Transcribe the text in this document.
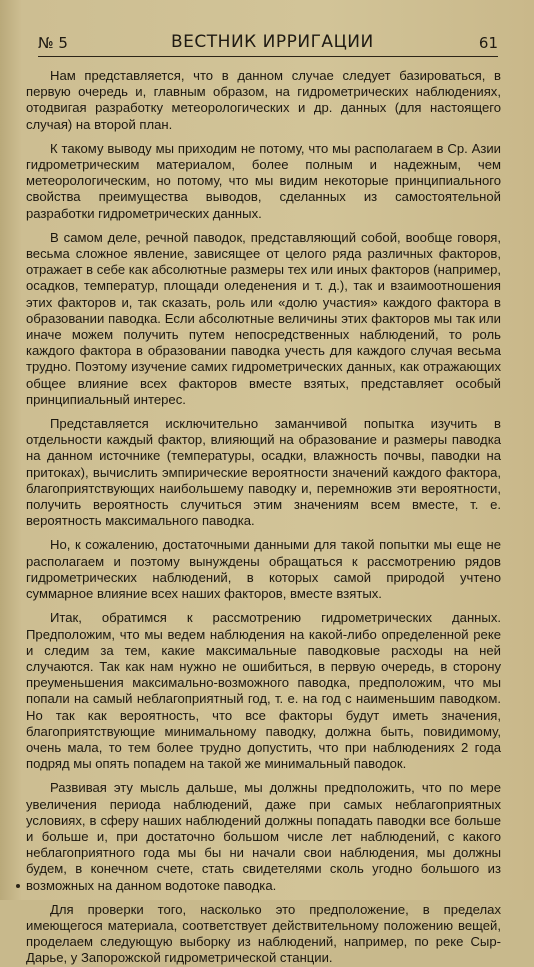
№ 5	ВЕСТНИК ИРРИГАЦИИ	61

Нам представляется, что в данном случае следует базироваться, в первую очередь и, главным образом, на гидрометрических наблюдениях, отодвигая разработку метеорологических и др. данных (для настоящего случая) на второй план.

К такому выводу мы приходим не потому, что мы располагаем в Ср. Азии гидрометрическим материалом, более полным и надежным, чем метеорологическим, но потому, что мы видим некоторые принципиального свойства преимущества выводов, сделанных из самостоятельной разработки гидрометрических данных.

В самом деле, речной паводок, представляющий собой, вообще говоря, весьма сложное явление, зависящее от целого ряда различных факторов, отражает в себе как абсолютные размеры тех или иных факторов (например, осадков, температур, площади оледенения и т. д.), так и взаимоотношения этих факторов и, так сказать, роль или «долю участия» каждого фактора в образовании паводка. Если абсолютные величины этих факторов мы так или иначе можем получить путем непосредственных наблюдений, то роль каждого фактора в образовании паводка учесть для каждого случая весьма трудно. Поэтому изучение самих гидрометрических данных, как отражающих общее влияние всех факторов вместе взятых, представляет особый принципиальный интерес.

Представляется исключительно заманчивой попытка изучить в отдельности каждый фактор, влияющий на образование и размеры паводка на данном источнике (температуры, осадки, влажность почвы, паводки на притоках), вычислить эмпирические вероятности значений каждого фактора, благоприятствующих наибольшему паводку и, перемножив эти вероятности, получить вероятность случиться этим значениям всем вместе, т. е. вероятность максимального паводка.

Но, к сожалению, достаточными данными для такой попытки мы еще не располагаем и поэтому вынуждены обращаться к рассмотрению рядов гидрометрических наблюдений, в которых самой природой учтено суммарное влияние всех наших факторов, вместе взятых.

Итак, обратимся к рассмотрению гидрометрических данных. Предположим, что мы ведем наблюдения на какой-либо определенной реке и следим за тем, какие максимальные паводковые расходы на ней случаются. Так как нам нужно не ошибиться, в первую очередь, в сторону преуменьшения максимально-возможного паводка, предположим, что мы попали на самый неблагоприятный год, т. е. на год с наименьшим паводком. Но так как вероятность, что все факторы будут иметь значения, благоприятствующие минимальному паводку, должна быть, повидимому, очень мала, то тем более трудно допустить, что при наблюдениях 2 года подряд мы опять попадем на такой же минимальный паводок.

Развивая эту мысль дальше, мы должны предположить, что по мере увеличения периода наблюдений, даже при самых неблагоприятных условиях, в сферу наших наблюдений должны попадать паводки все больше и больше и, при достаточно большом числе лет наблюдений, с какого неблагоприятного года мы бы ни начали свои наблюдения, мы должны будем, в конечном счете, стать свидетелями сколь угодно большого из возможных на данном водотоке паводка.

Для проверки того, насколько это предположение, в пределах имеющегося материала, соответствует действительному положению вещей, проделаем следующую выборку из наблюдений, например, по реке Сыр-Дарье, у Запорожской гидрометрической станции.
